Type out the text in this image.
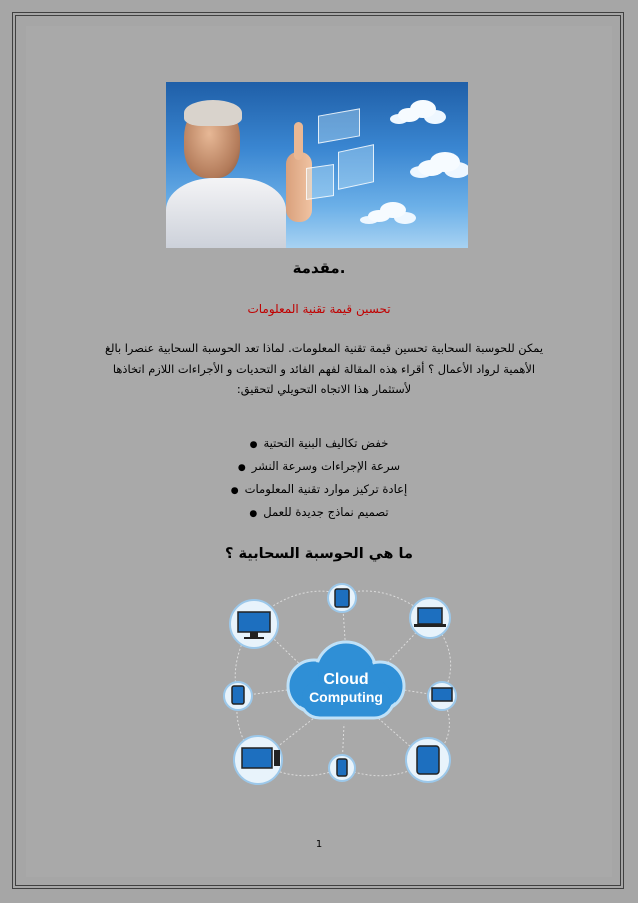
مقدمة.
تحسين قيمة تقنية المعلومات
يمكن للحوسبة السحابية تحسين قيمة تقنية المعلومات. لماذا تعد الحوسبة السحابية عنصرا بالغ
الأهمية لرواد الأعمال ؟ أقراء هذه المقالة لفهم الفائد و التحديات و الأجراءات اللازم اتخاذها
لأستثمار هذا الاتجاه التحويلي لتحقيق:
خفض تكاليف البنية التحتية●
سرعة الإجراءات وسرعة النشر●
إعادة تركيز موارد تقنية المعلومات●
تصميم نماذج جديدة للعمل●
ما هي الحوسبة السحابية ؟
Cloud
Computing
1
